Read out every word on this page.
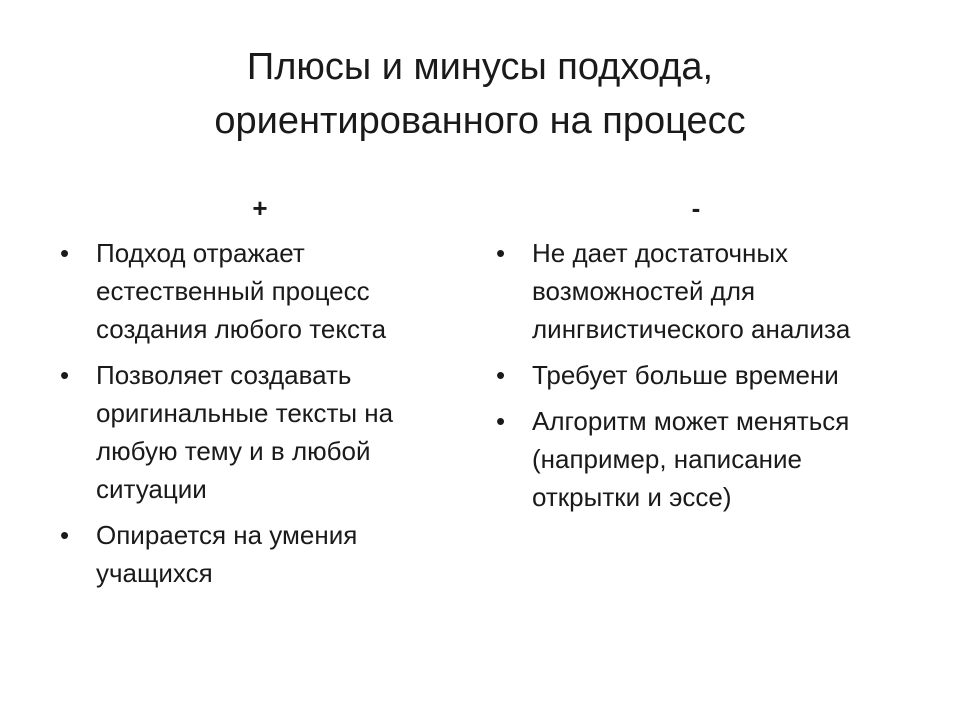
Плюсы и минусы подхода,
ориентированного на процесс
+
•	Подход отражает
естественный процесс
создания любого текста
•	Позволяет создавать
оригинальные тексты на
любую тему и в любой
ситуации
•	Опирается на умения
учащихся
-
•	Не дает достаточных
возможностей для
лингвистического анализа
•	Требует больше времени
•	Алгоритм может меняться
(например, написание
открытки и эссе)
